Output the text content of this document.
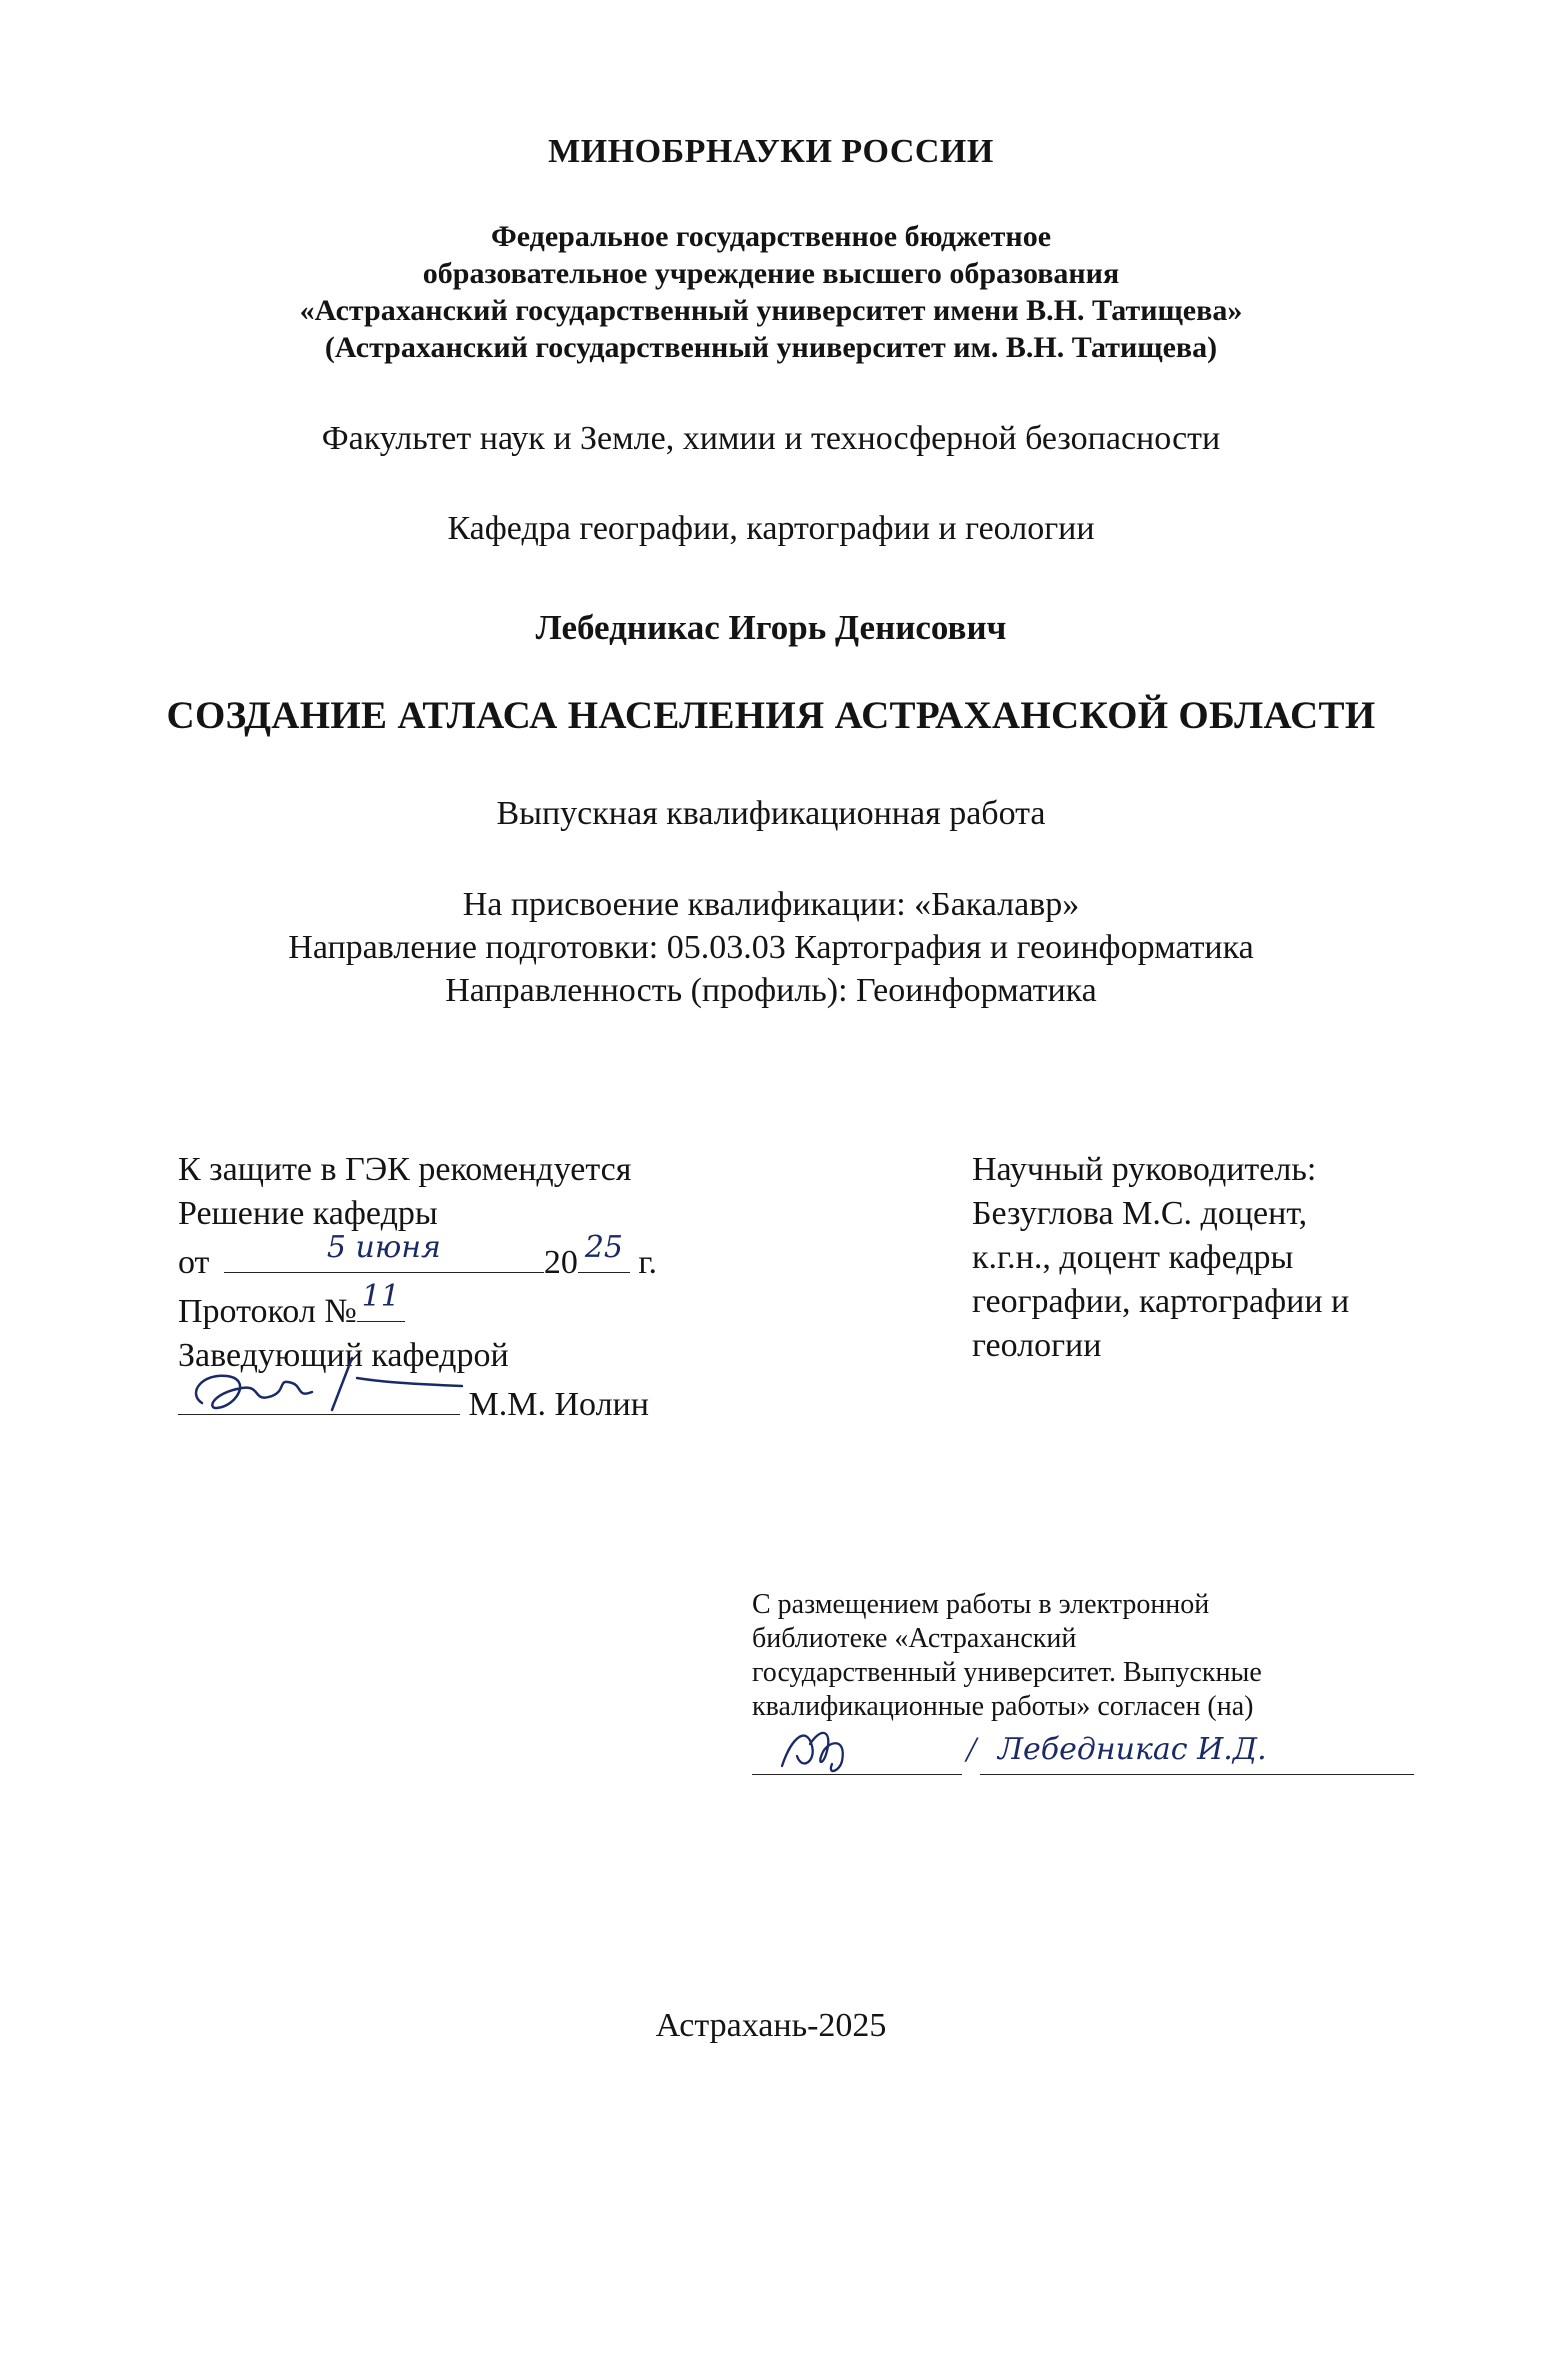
МИНОБРНАУКИ РОССИИ
Федеральное государственное бюджетное
образовательное учреждение высшего образования
«Астраханский государственный университет имени В.Н. Татищева»
(Астраханский государственный университет им. В.Н. Татищева)
Факультет наук и Земле, химии и техносферной безопасности
Кафедра географии, картографии и геологии
Лебедникас Игорь Денисович
СОЗДАНИЕ АТЛАСА НАСЕЛЕНИЯ АСТРАХАНСКОЙ ОБЛАСТИ
Выпускная квалификационная работа
На присвоение квалификации: «Бакалавр»
Направление подготовки: 05.03.03 Картография и геоинформатика
Направленность (профиль): Геоинформатика
К защите в ГЭК рекомендуется
Решение кафедры
от	5 июня	20 25 г.
Протокол № 11
Заведующий кафедрой
М.М. Иолин
Научный руководитель:
Безуглова М.С. доцент,
к.г.н., доцент кафедры
географии, картографии и
геологии
С размещением работы в электронной
библиотеке «Астраханский
государственный университет. Выпускные
квалификационные работы» согласен (на)
/ Лебедникас И.Д.
Астрахань-2025
